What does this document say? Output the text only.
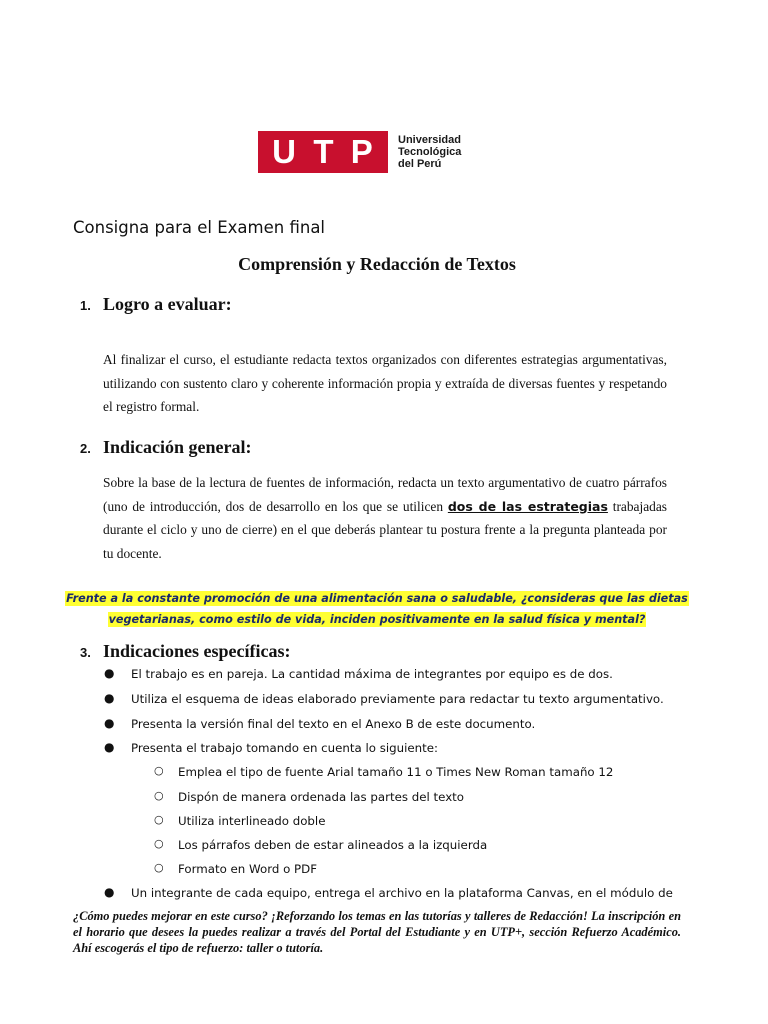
U T P Universidad
Tecnológica
del Perú
Consigna para el Examen final
Comprensión y Redacción de Textos
1. Logro a evaluar:
Al finalizar el curso, el estudiante redacta textos organizados con diferentes estrategias argumentativas, utilizando con sustento claro y coherente información propia y extraída de diversas fuentes y respetando el registro formal.
2. Indicación general:
Sobre la base de la lectura de fuentes de información, redacta un texto argumentativo de cuatro párrafos (uno de introducción, dos de desarrollo en los que se utilicen dos de las estrategias trabajadas durante el ciclo y uno de cierre) en el que deberás plantear tu postura frente a la pregunta planteada por tu docente.
Frente a la constante promoción de una alimentación sana o saludable, ¿consideras que las dietas
vegetarianas, como estilo de vida, inciden positivamente en la salud física y mental?
3. Indicaciones específicas:
● El trabajo es en pareja. La cantidad máxima de integrantes por equipo es de dos.
● Utiliza el esquema de ideas elaborado previamente para redactar tu texto argumentativo.
● Presenta la versión final del texto en el Anexo B de este documento.
● Presenta el trabajo tomando en cuenta lo siguiente:
○ Emplea el tipo de fuente Arial tamaño 11 o Times New Roman tamaño 12
○ Dispón de manera ordenada las partes del texto
○ Utiliza interlineado doble
○ Los párrafos deben de estar alineados a la izquierda
○ Formato en Word o PDF
● Un integrante de cada equipo, entrega el archivo en la plataforma Canvas, en el módulo de
¿Cómo puedes mejorar en este curso? ¡Reforzando los temas en las tutorías y talleres de Redacción! La inscripción en el horario que desees la puedes realizar a través del Portal del Estudiante y en UTP+, sección Refuerzo Académico. Ahí escogerás el tipo de refuerzo: taller o tutoría.
